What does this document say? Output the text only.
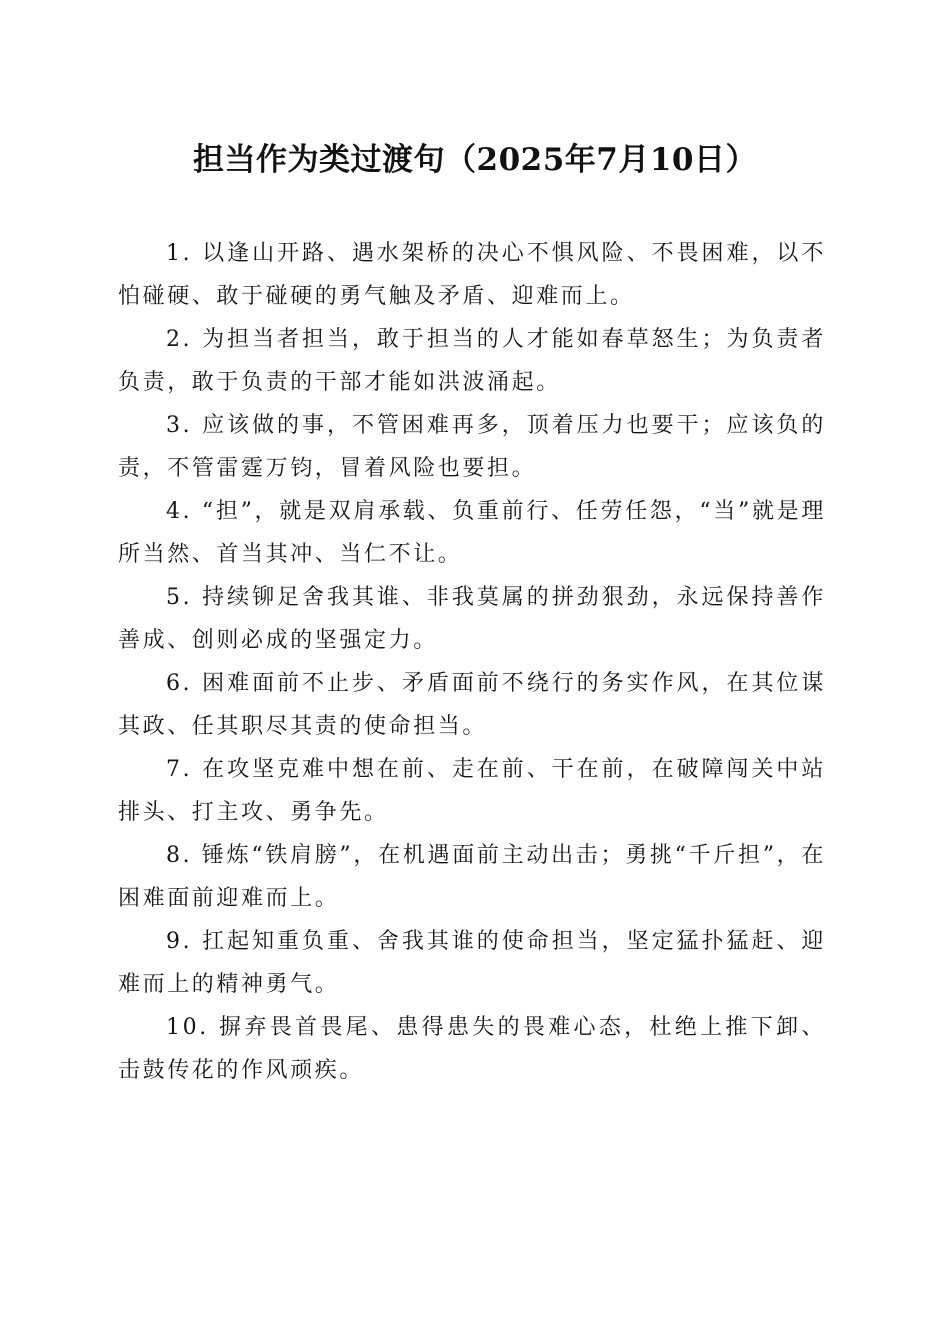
担当作为类过渡句（2025年7月10日）
1. 以逢山开路、遇水架桥的决心不惧风险、不畏困难，以不怕碰硬、敢于碰硬的勇气触及矛盾、迎难而上。
2. 为担当者担当，敢于担当的人才能如春草怒生；为负责者负责，敢于负责的干部才能如洪波涌起。
3. 应该做的事，不管困难再多，顶着压力也要干；应该负的责，不管雷霆万钧，冒着风险也要担。
4. “担”，就是双肩承载、负重前行、任劳任怨，“当”就是理所当然、首当其冲、当仁不让。
5. 持续铆足舍我其谁、非我莫属的拼劲狠劲，永远保持善作善成、创则必成的坚强定力。
6. 困难面前不止步、矛盾面前不绕行的务实作风，在其位谋其政、任其职尽其责的使命担当。
7. 在攻坚克难中想在前、走在前、干在前，在破障闯关中站排头、打主攻、勇争先。
8. 锤炼“铁肩膀”，在机遇面前主动出击；勇挑“千斤担”，在困难面前迎难而上。
9. 扛起知重负重、舍我其谁的使命担当，坚定猛扑猛赶、迎难而上的精神勇气。
10. 摒弃畏首畏尾、患得患失的畏难心态，杜绝上推下卸、击鼓传花的作风顽疾。
